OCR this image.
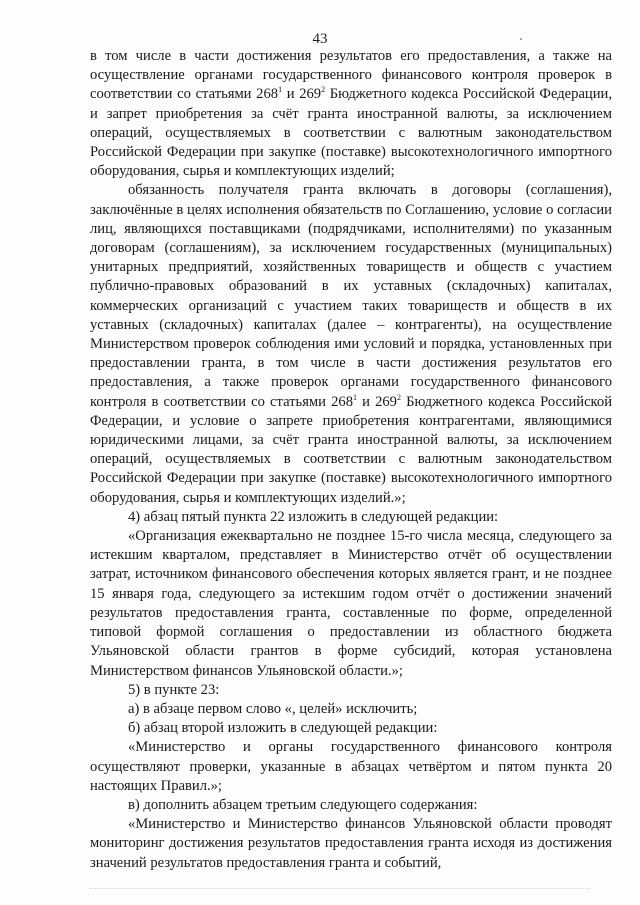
43

в том числе в части достижения результатов его предоставления, а также на осуществление органами государственного финансового контроля проверок в соответствии со статьями $268^1$ и $269^2$ Бюджетного кодекса Российской Федерации, и запрет приобретения за счёт гранта иностранной валюты, за исключением операций, осуществляемых в соответствии с валютным законодательством Российской Федерации при закупке (поставке) высокотехнологичного импортного оборудования, сырья и комплектующих изделий;

обязанность получателя гранта включать в договоры (соглашения), заключённые в целях исполнения обязательств по Соглашению, условие о согласии лиц, являющихся поставщиками (подрядчиками, исполнителями) по указанным договорам (соглашениям), за исключением государственных (муниципальных) унитарных предприятий, хозяйственных товариществ и обществ с участием публично-правовых образований в их уставных (складочных) капиталах, коммерческих организаций с участием таких товариществ и обществ в их уставных (складочных) капиталах (далее – контрагенты), на осуществление Министерством проверок соблюдения ими условий и порядка, установленных при предоставлении гранта, в том числе в части достижения результатов его предоставления, а также проверок органами государственного финансового контроля в соответствии со статьями $268^1$ и $269^2$ Бюджетного кодекса Российской Федерации, и условие о запрете приобретения контрагентами, являющимися юридическими лицами, за счёт гранта иностранной валюты, за исключением операций, осуществляемых в соответствии с валютным законодательством Российской Федерации при закупке (поставке) высокотехнологичного импортного оборудования, сырья и комплектующих изделий.»;

4) абзац пятый пункта 22 изложить в следующей редакции:

«Организация ежеквартально не позднее 15-го числа месяца, следующего за истекшим кварталом, представляет в Министерство отчёт об осуществлении затрат, источником финансового обеспечения которых является грант, и не позднее 15 января года, следующего за истекшим годом отчёт о достижении значений результатов предоставления гранта, составленные по форме, определенной типовой формой соглашения о предоставлении из областного бюджета Ульяновской области грантов в форме субсидий, которая установлена Министерством финансов Ульяновской области.»;

5) в пункте 23:

а) в абзаце первом слово «, целей» исключить;

б) абзац второй изложить в следующей редакции:

«Министерство и органы государственного финансового контроля осуществляют проверки, указанные в абзацах четвёртом и пятом пункта 20 настоящих Правил.»;

в) дополнить абзацем третьим следующего содержания:

«Министерство и Министерство финансов Ульяновской области проводят мониторинг достижения результатов предоставления гранта исходя из достижения значений результатов предоставления гранта и событий,
